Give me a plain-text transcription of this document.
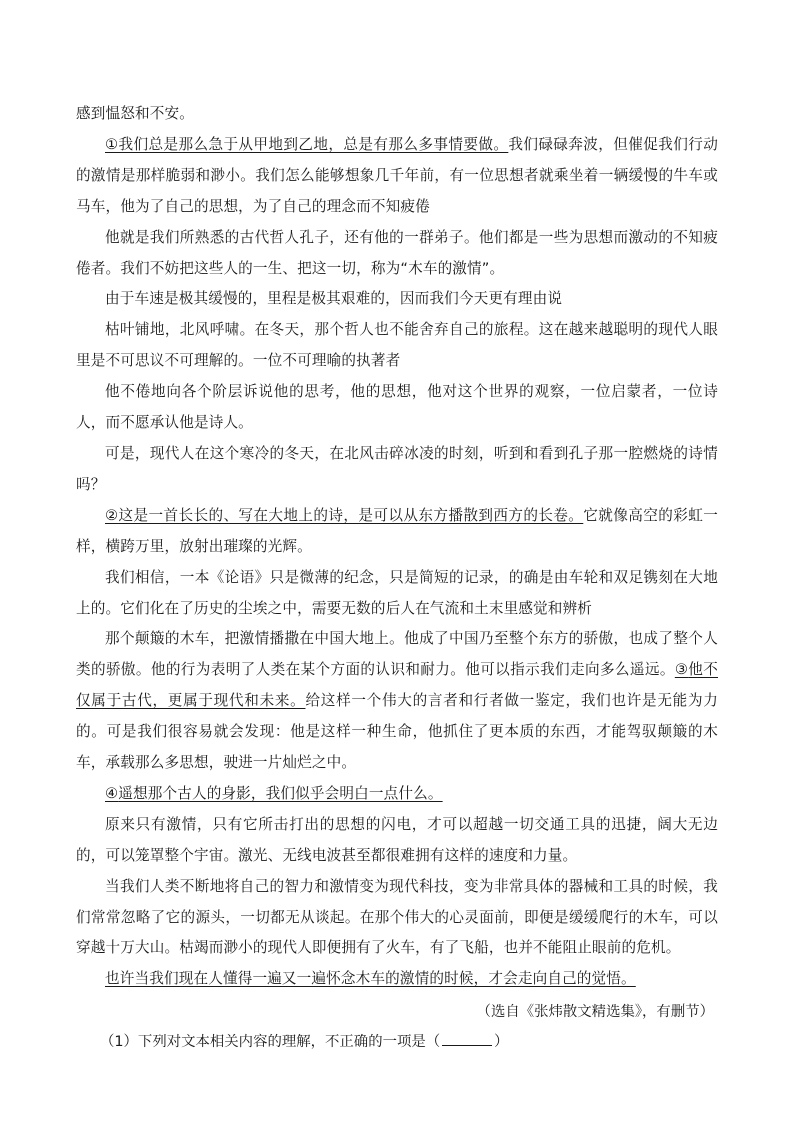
感到愠怒和不安。

①我们总是那么急于从甲地到乙地，总是有那么多事情要做。我们碌碌奔波，但催促我们行动的激情是那样脆弱和渺小。我们怎么能够想象几千年前，有一位思想者就乘坐着一辆缓慢的牛车或马车，他为了自己的思想，为了自己的理念而不知疲倦

他就是我们所熟悉的古代哲人孔子，还有他的一群弟子。他们都是一些为思想而激动的不知疲倦者。我们不妨把这些人的一生、把这一切，称为“木车的激情”。

由于车速是极其缓慢的，里程是极其艰难的，因而我们今天更有理由说

枯叶铺地，北风呼啸。在冬天，那个哲人也不能舍弃自己的旅程。这在越来越聪明的现代人眼里是不可思议不可理解的。一位不可理喻的执著者

他不倦地向各个阶层诉说他的思考，他的思想，他对这个世界的观察，一位启蒙者，一位诗人，而不愿承认他是诗人。

可是，现代人在这个寒冷的冬天，在北风击碎冰凌的时刻，听到和看到孔子那一腔燃烧的诗情吗？

②这是一首长长的、写在大地上的诗，是可以从东方播散到西方的长卷。它就像高空的彩虹一样，横跨万里，放射出璀璨的光辉。

我们相信，一本《论语》只是微薄的纪念，只是简短的记录，的确是由车轮和双足镌刻在大地上的。它们化在了历史的尘埃之中，需要无数的后人在气流和土末里感觉和辨析

那个颠簸的木车，把激情播撒在中国大地上。他成了中国乃至整个东方的骄傲，也成了整个人类的骄傲。他的行为表明了人类在某个方面的认识和耐力。他可以指示我们走向多么遥远。③他不仅属于古代，更属于现代和未来。给这样一个伟大的言者和行者做一鉴定，我们也许是无能为力的。可是我们很容易就会发现：他是这样一种生命，他抓住了更本质的东西，才能驾驭颠簸的木车，承载那么多思想，驶进一片灿烂之中。

④遥想那个古人的身影，我们似乎会明白一点什么。

原来只有激情，只有它所击打出的思想的闪电，才可以超越一切交通工具的迅捷，阔大无边的，可以笼罩整个宇宙。激光、无线电波甚至都很难拥有这样的速度和力量。

当我们人类不断地将自己的智力和激情变为现代科技，变为非常具体的器械和工具的时候，我们常常忽略了它的源头，一切都无从谈起。在那个伟大的心灵面前，即便是缓缓爬行的木车，可以穿越十万大山。枯竭而渺小的现代人即便拥有了火车，有了飞船，也并不能阻止眼前的危机。

也许当我们现在人懂得一遍又一遍怀念木车的激情的时候，才会走向自己的觉悟。

（选自《张炜散文精选集》，有删节）

（1）下列对文本相关内容的理解，不正确的一项是（	）
